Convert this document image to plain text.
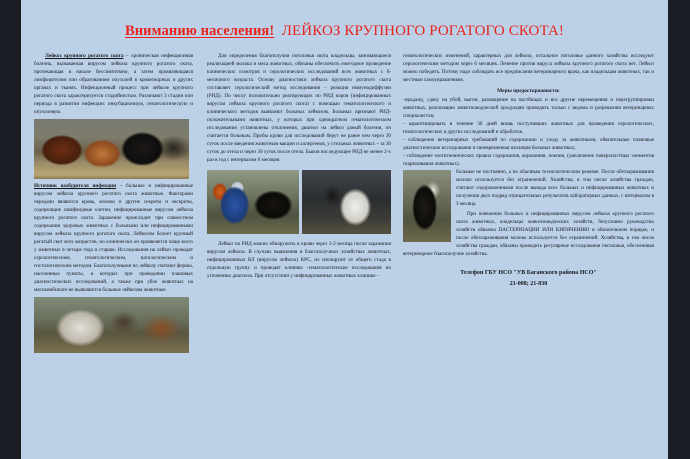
Вниманию населения! ЛЕЙКОЗ КРУПНОГО РОГАТОГО СКОТА!

Лейкоз крупного рогатого скота – хроническая инфекционная болезнь, вызываемая вирусом лейкоза крупного рогатого скота, протекающая в начале бессимптомно, а затем проявляющаяся лимфоцитозом или образованием опухолей в кроветворных и других органах и тканях. Инфекционный процесс при лейкозе крупного рогатого скота характеризуется стадийностью. Различают 3 стадии или периода в развитии инфекции: инкубационную, гематологическую и опухолевую.

Источник возбудителя инфекции – больные и инфицированные вирусом лейкоза крупного рогатого скота животные. Факторами передачи являются кровь, молоко и другие секреты и экскреты, содержащие лимфоидные клетки, инфицированные вирусом лейкоза крупного рогатого скота. Заражение происходит при совместном содержании здоровых животных с больными или инфицированными вирусом лейкоза крупного рогатого скота. Лейкозом болеет крупный рогатый скот всех возрастов, но клинически он проявляется чаще всего у животных в четыре года и старше. Исследования на лейкоз проводят серологическим, гематологическим, патологическим и гистологическим методом. Благополучными по лейкозу считают фермы, населенные пункты, в которых при проведении плановых диагностических исследований, а также при убое животных на мясокомбинате не выявляются больные лейкозом животные.

Для определения благополучия поголовья скота владельцы, занимающиеся реализацией молока и мяса животных, обязаны обеспечить ежегодное проведение клинических осмотров и серологических исследований всех животных с 6-месячного возраста. Основу диагностики лейкоза крупного рогатого скота составляет серологический метод исследования – реакция иммунодиффузии (РИД). По числу положительно реагирующих по РИД коров (инфицированных вирусом лейкоза крупного рогатого скота) с помощью гематологического и клинического методов выявляют больных лейкозом. Больных признают РИД-положительными животных, у которых при однократном гематологическом исследовании установлены отклонения, диагноз на лейкоз даный болезни, он считается больным. Пробы крови для исследований берут не ранее чем через 30 суток после введения животным вакцин и аллергенов, у стельных животных – за 30 суток до отела и через 30 суток после отела. Быков последующее РИД не менее 2-х раз в год с интервалом 6 месяцев.

Лейкоз по РИД можно обнаружить в крови через 1-2 месяца после заражения вирусом лейкоза. В случаях выявления в благополучных хозяйствах животных, инфицированных ВЛ (вирусом лейкоза) КРС, их изолируют от общего стада в отдельную группу и проводят клинико -гематологические исследования по уточнению диагноза. При отсутствии у инфицированных животных клинико -

гематологических изменений, характерных для лейкоза, остальное поголовье данного хозяйства исследуют серологическим методом через 6 месяцев. Лечение против вируса лейкоза крупного рогатого скота нет. Лейкоз можно победить. Потому надо соблюдать все предписания ветеринарного врача, как владельцам животных, так и местным самоуправлениям.

Меры предосторожности:

-продажу, сдачу на убой, выгон, размещение на пастбищах и все другие перемещения и перегруппировки животных, реализацию животноводческой продукции проводить только с ведома и разрешения ветеринарных специалистов;

- карантинировать в течение 30 дней вновь поступивших животных для проведения серологических, гематологических и других исследований и обработок.

- соблюдение ветеринарных требований по содержанию и уходу за животными, обязательные плановые диагностические исследования и своевременная изоляция больных животных;

- соблюдение зоогигиенических правил содержания, кормления, поения, (увеличение поверхностных элементов скармливания животных).

больные не постоянно, а по обычным технологическим режиме. После обеззараживания молоко используется без ограничений. Хозяйства, в том числе хозяйства граждан, считают оздоровленными после вывода всех больных и инфицированных животных и получения двух подряд отрицательных результатов лабораторных данных, с интервалом в 3 месяца.

При появлении больных и инфицированных вирусом лейкоза крупного рогатого скота животных, владельцы животноводческих хозяйств, безусловно руководство хозяйств обязаны ПАСТЕРИЗАЦИИ ИЛИ КИПЯЧЕНИЮ в обязательном порядке, и после обеззараживания молоко используется без ограничений. Хозяйства, в том числе хозяйства граждан, обязаны проводить регулярные исследования поголовья, обеспечивая ветеринарное благополучие хозяйства.

Телефон ГБУ НСО "УВ Баганского района НСО"
21-008; 21-830
